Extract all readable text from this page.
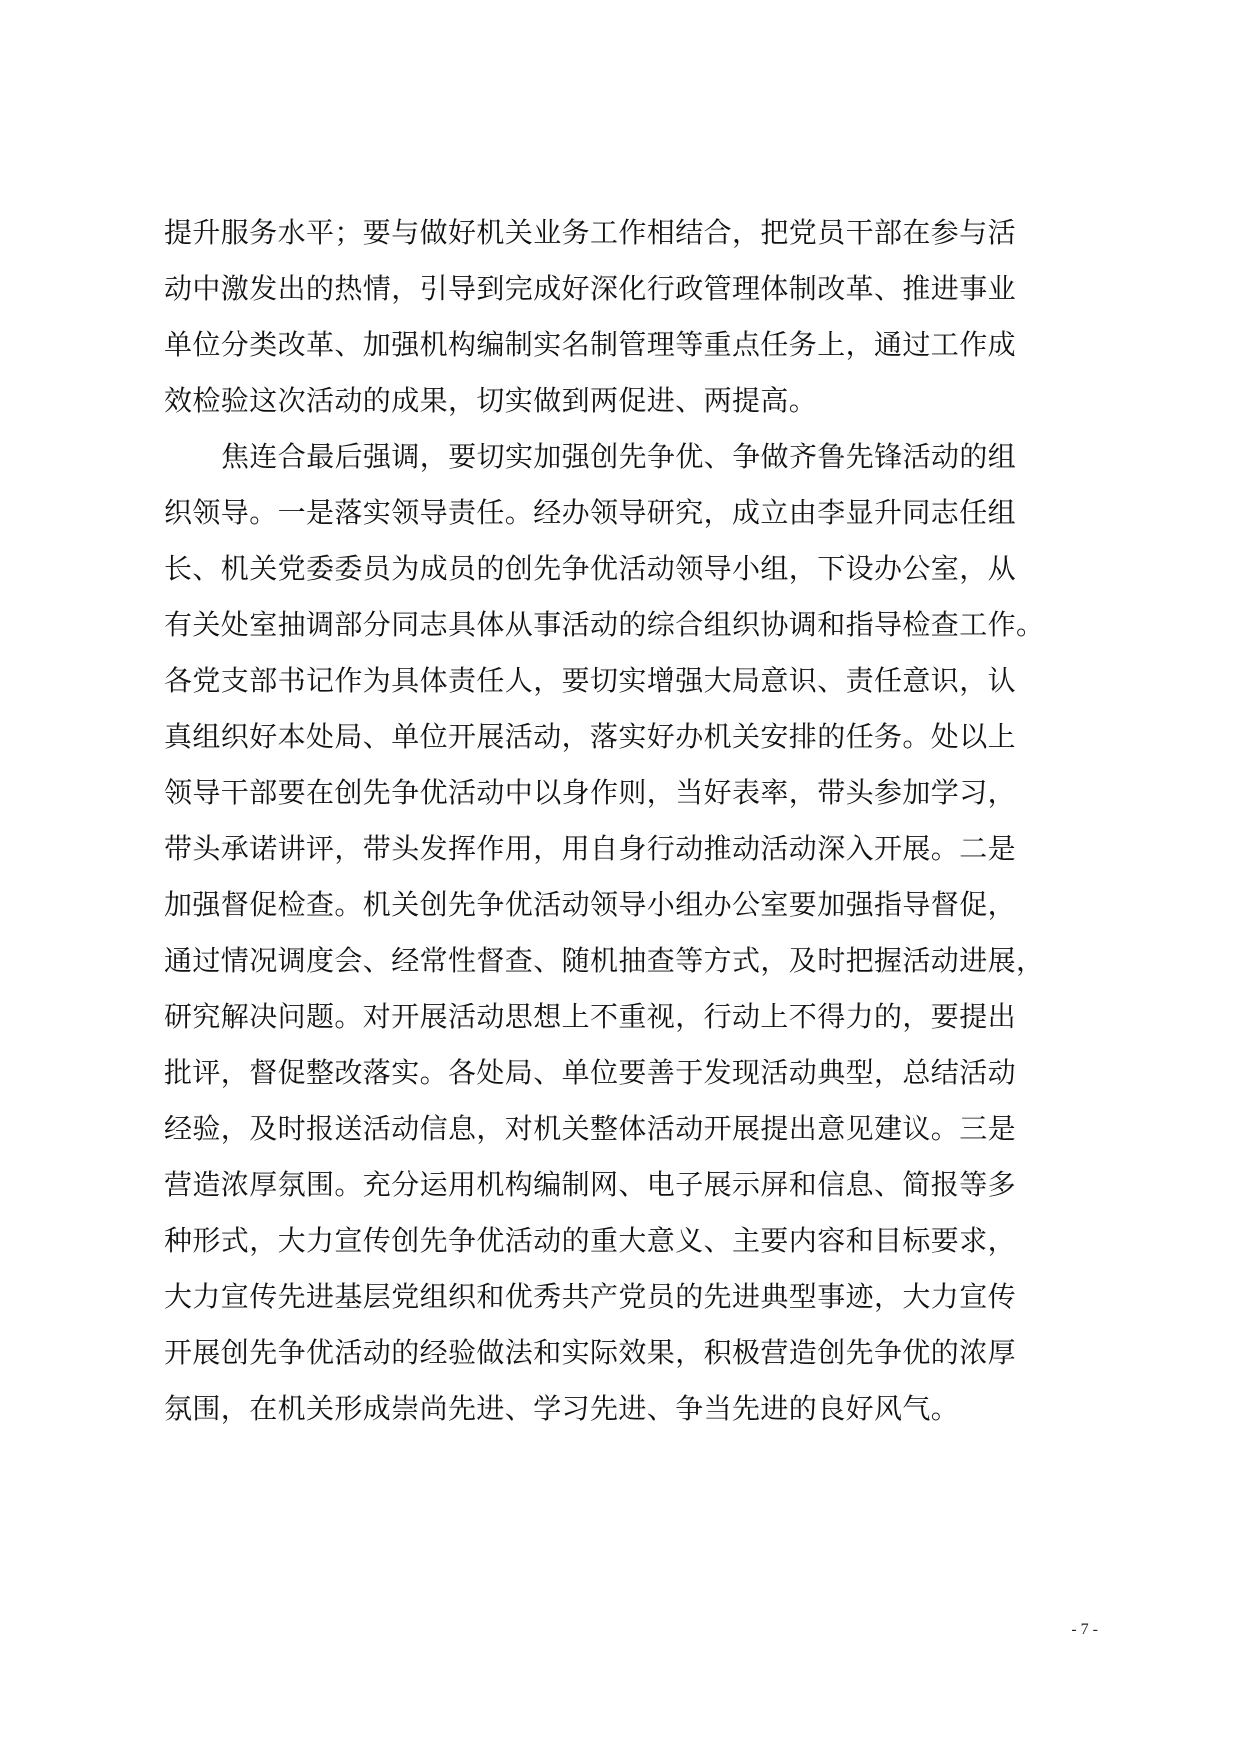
提升服务水平；要与做好机关业务工作相结合，把党员干部在参与活
动中激发出的热情，引导到完成好深化行政管理体制改革、推进事业
单位分类改革、加强机构编制实名制管理等重点任务上，通过工作成
效检验这次活动的成果，切实做到两促进、两提高。
焦连合最后强调，要切实加强创先争优、争做齐鲁先锋活动的组
织领导。一是落实领导责任。经办领导研究，成立由李显升同志任组
长、机关党委委员为成员的创先争优活动领导小组，下设办公室，从
有关处室抽调部分同志具体从事活动的综合组织协调和指导检查工作。
各党支部书记作为具体责任人，要切实增强大局意识、责任意识，认
真组织好本处局、单位开展活动，落实好办机关安排的任务。处以上
领导干部要在创先争优活动中以身作则，当好表率，带头参加学习，
带头承诺讲评，带头发挥作用，用自身行动推动活动深入开展。二是
加强督促检查。机关创先争优活动领导小组办公室要加强指导督促，
通过情况调度会、经常性督查、随机抽查等方式，及时把握活动进展，
研究解决问题。对开展活动思想上不重视，行动上不得力的，要提出
批评，督促整改落实。各处局、单位要善于发现活动典型，总结活动
经验，及时报送活动信息，对机关整体活动开展提出意见建议。三是
营造浓厚氛围。充分运用机构编制网、电子展示屏和信息、简报等多
种形式，大力宣传创先争优活动的重大意义、主要内容和目标要求，
大力宣传先进基层党组织和优秀共产党员的先进典型事迹，大力宣传
开展创先争优活动的经验做法和实际效果，积极营造创先争优的浓厚
氛围，在机关形成崇尚先进、学习先进、争当先进的良好风气。
- 7 -
